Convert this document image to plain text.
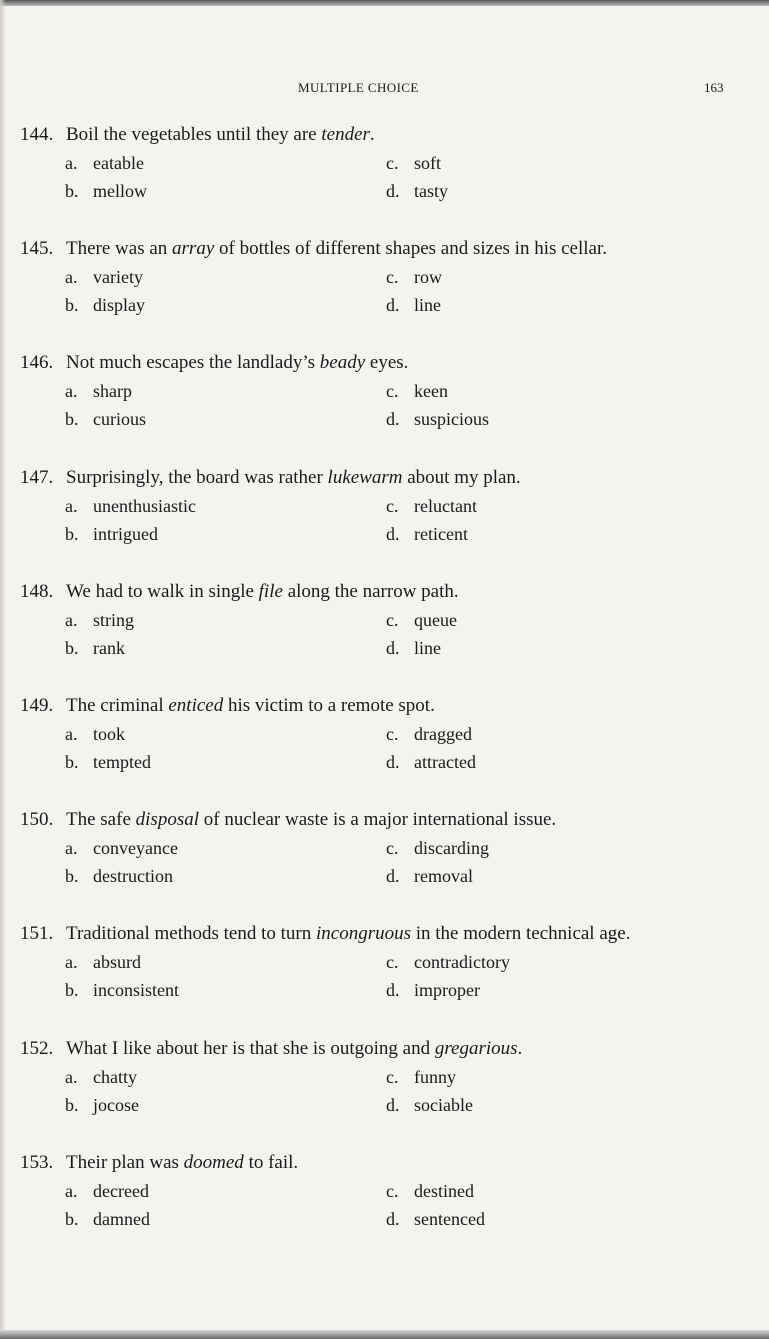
MULTIPLE CHOICE	163
144. Boil the vegetables until they are tender.
a. eatable
b. mellow
c. soft
d. tasty
145. There was an array of bottles of different shapes and sizes in his cellar.
a. variety
b. display
c. row
d. line
146. Not much escapes the landlady’s beady eyes.
a. sharp
b. curious
c. keen
d. suspicious
147. Surprisingly, the board was rather lukewarm about my plan.
a. unenthusiastic
b. intrigued
c. reluctant
d. reticent
148. We had to walk in single file along the narrow path.
a. string
b. rank
c. queue
d. line
149. The criminal enticed his victim to a remote spot.
a. took
b. tempted
c. dragged
d. attracted
150. The safe disposal of nuclear waste is a major international issue.
a. conveyance
b. destruction
c. discarding
d. removal
151. Traditional methods tend to turn incongruous in the modern technical age.
a. absurd
b. inconsistent
c. contradictory
d. improper
152. What I like about her is that she is outgoing and gregarious.
a. chatty
b. jocose
c. funny
d. sociable
153. Their plan was doomed to fail.
a. decreed
b. damned
c. destined
d. sentenced
